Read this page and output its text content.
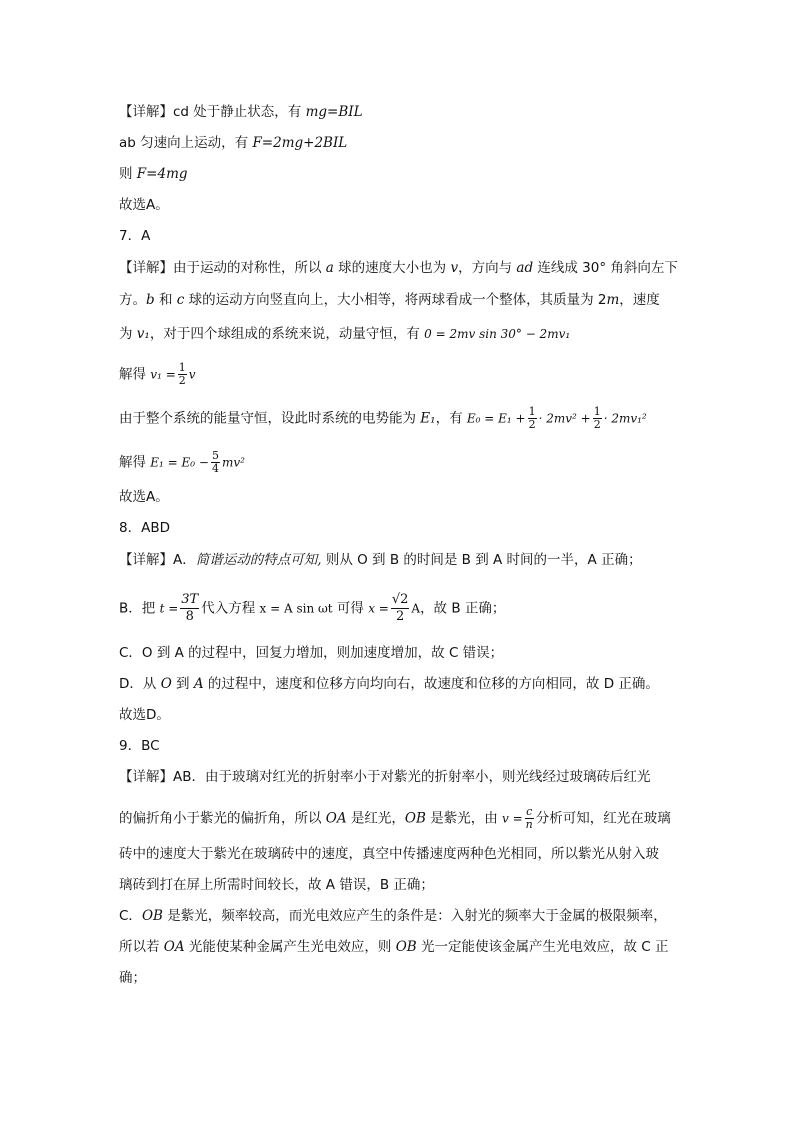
【详解】cd 处于静止状态，有 mg=BIL
ab 匀速向上运动，有 F=2mg+2BIL
则 F=4mg
故选A。
7．A
【详解】由于运动的对称性，所以 a 球的速度大小也为 v，方向与 ad 连线成 30° 角斜向左下
方。b 和 c 球的运动方向竖直向上，大小相等，将两球看成一个整体，其质量为 2m，速度
为 v₁，对于四个球组成的系统来说，动量守恒，有 0 = 2mv sin 30° − 2mv₁
解得 $v_1 = \frac{1}{2}$ v
由于整个系统的能量守恒，设此时系统的电势能为 E₁，有 $E_0 = E_1 + \frac{1}{2} \cdot 2mv^2 + \frac{1}{2} \cdot 2mv_1^2$
解得 $E_1 = E_0 - \frac{5}{4} mv^2$
故选A。
8．ABD
【详解】A．简谐运动的特点可知, 则从 O 到 B 的时间是 B 到 A 时间的一半，A 正确；
B．把 $t = \frac{3T}{8}$ 代入方程 x = A sin ωt 可得 $x = \frac{√2}{2}$ A，故 B 正确；
C．O 到 A 的过程中，回复力增加，则加速度增加，故 C 错误；
D．从 O 到 A 的过程中，速度和位移方向均向右，故速度和位移的方向相同，故 D 正确。
故选D。
9．BC
【详解】AB．由于玻璃对红光的折射率小于对紫光的折射率小，则光线经过玻璃砖后红光
的偏折角小于紫光的偏折角，所以 OA 是红光，OB 是紫光，由 $v = \frac{c}{n}$ 分析可知，红光在玻璃
砖中的速度大于紫光在玻璃砖中的速度，真空中传播速度两种色光相同，所以紫光从射入玻
璃砖到打在屏上所需时间较长，故 A 错误，B 正确；
C．OB 是紫光，频率较高，而光电效应产生的条件是：入射光的频率大于金属的极限频率，
所以若 OA 光能使某种金属产生光电效应，则 OB 光一定能使该金属产生光电效应，故 C 正
确；
